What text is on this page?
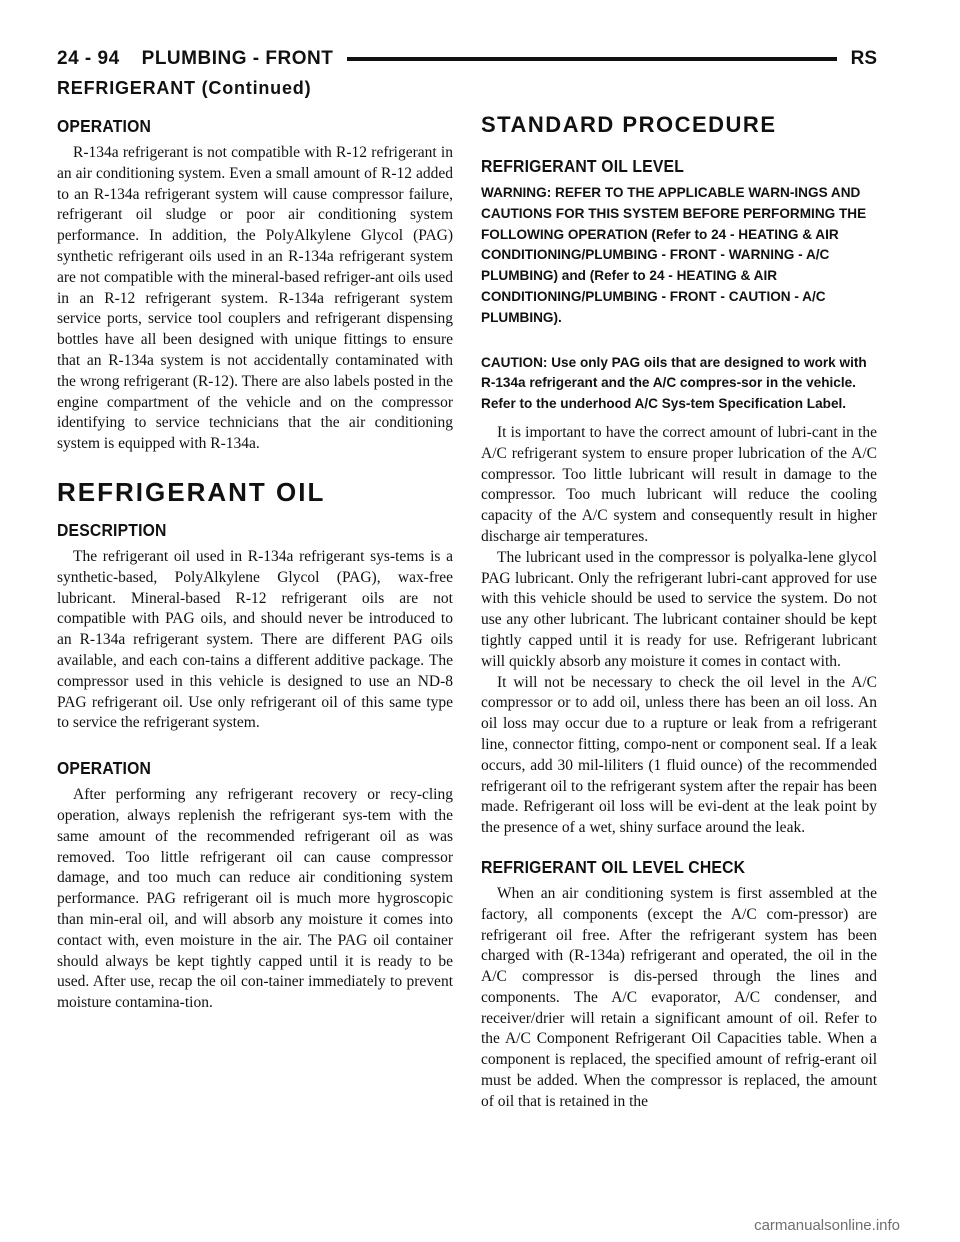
24 - 94 PLUMBING - FRONT	RS
REFRIGERANT (Continued)
OPERATION

R-134a refrigerant is not compatible with R-12 refrigerant in an air conditioning system. Even a small amount of R-12 added to an R-134a refrigerant system will cause compressor failure, refrigerant oil sludge or poor air conditioning system performance. In addition, the PolyAlkylene Glycol (PAG) synthetic refrigerant oils used in an R-134a refrigerant system are not compatible with the mineral-based refriger-ant oils used in an R-12 refrigerant system. R-134a refrigerant system service ports, service tool couplers and refrigerant dispensing bottles have all been designed with unique fittings to ensure that an R-134a system is not accidentally contaminated with the wrong refrigerant (R-12). There are also labels posted in the engine compartment of the vehicle and on the compressor identifying to service technicians that the air conditioning system is equipped with R-134a.

REFRIGERANT OIL
DESCRIPTION

The refrigerant oil used in R-134a refrigerant sys-tems is a synthetic-based, PolyAlkylene Glycol (PAG), wax-free lubricant. Mineral-based R-12 refrigerant oils are not compatible with PAG oils, and should never be introduced to an R-134a refrigerant system. There are different PAG oils available, and each con-tains a different additive package. The compressor used in this vehicle is designed to use an ND-8 PAG refrigerant oil. Use only refrigerant oil of this same type to service the refrigerant system.

OPERATION

After performing any refrigerant recovery or recy-cling operation, always replenish the refrigerant sys-tem with the same amount of the recommended refrigerant oil as was removed. Too little refrigerant oil can cause compressor damage, and too much can reduce air conditioning system performance. PAG refrigerant oil is much more hygroscopic than min-eral oil, and will absorb any moisture it comes into contact with, even moisture in the air. The PAG oil container should always be kept tightly capped until it is ready to be used. After use, recap the oil con-tainer immediately to prevent moisture contamina-tion.

STANDARD PROCEDURE
REFRIGERANT OIL LEVEL

WARNING: REFER TO THE APPLICABLE WARN-INGS AND CAUTIONS FOR THIS SYSTEM BEFORE PERFORMING THE FOLLOWING OPERATION (Refer to 24 - HEATING & AIR CONDITIONING/PLUMBING - FRONT - WARNING - A/C PLUMBING) and (Refer to 24 - HEATING & AIR CONDITIONING/PLUMBING - FRONT - CAUTION - A/C PLUMBING).

CAUTION: Use only PAG oils that are designed to work with R-134a refrigerant and the A/C compres-sor in the vehicle. Refer to the underhood A/C Sys-tem Specification Label.

It is important to have the correct amount of lubri-cant in the A/C refrigerant system to ensure proper lubrication of the A/C compressor. Too little lubricant will result in damage to the compressor. Too much lubricant will reduce the cooling capacity of the A/C system and consequently result in higher discharge air temperatures.

The lubricant used in the compressor is polyalka-lene glycol PAG lubricant. Only the refrigerant lubri-cant approved for use with this vehicle should be used to service the system. Do not use any other lubricant. The lubricant container should be kept tightly capped until it is ready for use. Refrigerant lubricant will quickly absorb any moisture it comes in contact with.

It will not be necessary to check the oil level in the A/C compressor or to add oil, unless there has been an oil loss. An oil loss may occur due to a rupture or leak from a refrigerant line, connector fitting, compo-nent or component seal. If a leak occurs, add 30 mil-liliters (1 fluid ounce) of the recommended refrigerant oil to the refrigerant system after the repair has been made. Refrigerant oil loss will be evi-dent at the leak point by the presence of a wet, shiny surface around the leak.

REFRIGERANT OIL LEVEL CHECK

When an air conditioning system is first assembled at the factory, all components (except the A/C com-pressor) are refrigerant oil free. After the refrigerant system has been charged with (R-134a) refrigerant and operated, the oil in the A/C compressor is dis-persed through the lines and components. The A/C evaporator, A/C condenser, and receiver/drier will retain a significant amount of oil. Refer to the A/C Component Refrigerant Oil Capacities table. When a component is replaced, the specified amount of refrig-erant oil must be added. When the compressor is replaced, the amount of oil that is retained in the

carmanualsonline.info
